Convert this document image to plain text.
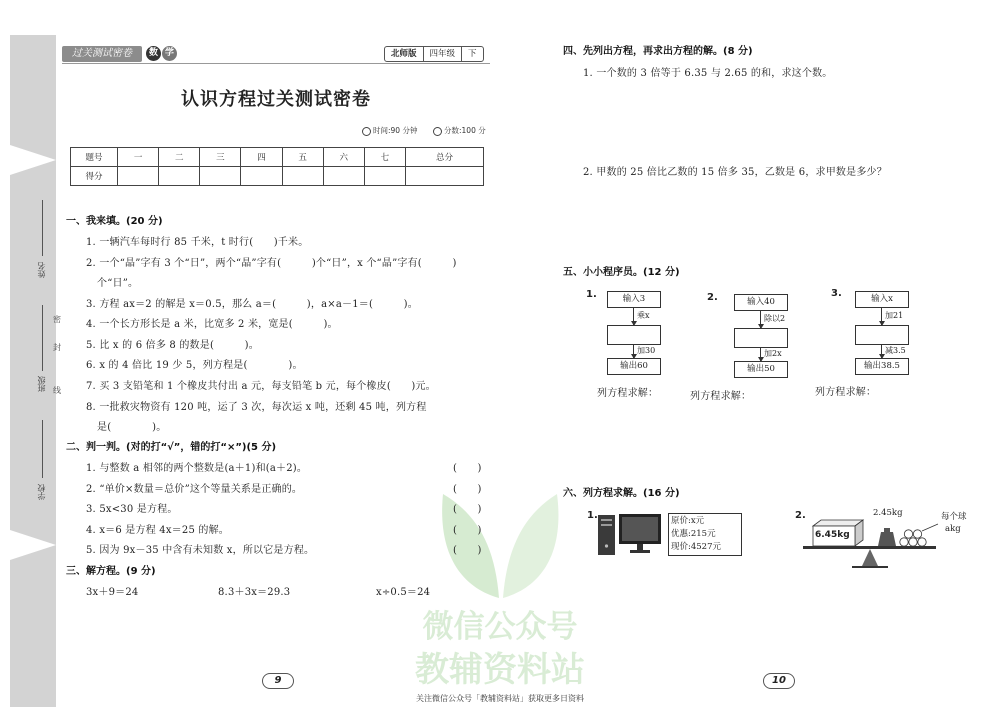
微信公众号
教辅资料站
姓名
班级
学校
密
封
线
过关测试密卷	数 学	北师版	四年级	下
认识方程过关测试密卷
时间:90 分钟	分数:100 分
题号	一	二	三	四	五	六	七	总分
得分								
一、我来填。(20 分)
1. 一辆汽车每时行 85 千米，t 时行(　　)千米。
2. 一个“晶”字有 3 个“日”，两个“晶”字有(　　　)个“日”，x 个“晶”字有(　　　)
个“日”。
3. 方程 ax＝2 的解是 x＝0.5，那么 a＝(　　　)，a×a－1＝(　　　)。
4. 一个长方形长是 a 米，比宽多 2 米，宽是(　　　)。
5. 比 x 的 6 倍多 8 的数是(　　　)。
6. x 的 4 倍比 19 少 5，列方程是(　　　　)。
7. 买 3 支铅笔和 1 个橡皮共付出 a 元，每支铅笔 b 元，每个橡皮(　　)元。
8. 一批救灾物资有 120 吨，运了 3 次，每次运 x 吨，还剩 45 吨，列方程
是(　　　　)。
二、判一判。(对的打“√”，错的打“×”)(5 分)
1. 与整数 a 相邻的两个整数是(a＋1)和(a＋2)。	(　　)
2. “单价×数量＝总价”这个等量关系是正确的。	(　　)
3. 5x<30 是方程。	(　　)
4. x＝6 是方程 4x＝25 的解。	(　　)
5. 因为 9x－35 中含有未知数 x，所以它是方程。	(　　)
三、解方程。(9 分)
3x＋9＝24	8.3＋3x＝29.3	x÷0.5＝24
9
四、先列出方程，再求出方程的解。(8 分)
1. 一个数的 3 倍等于 6.35 与 2.65 的和，求这个数。
2. 甲数的 25 倍比乙数的 15 倍多 35，乙数是 6，求甲数是多少？
五、小小程序员。(12 分)
1.	输入3
乘x
加30
输出60
列方程求解：
2.	输入40
除以2
加2x
输出50
列方程求解：
3.	输入x
加21
减3.5
输出38.5
列方程求解：
六、列方程求解。(16 分)
1.	原价:x元
优惠:215元
现价:4527元
2.
6.45kg
2.45kg	每个球
akg
10
关注微信公众号「教辅资料站」获取更多日资料
